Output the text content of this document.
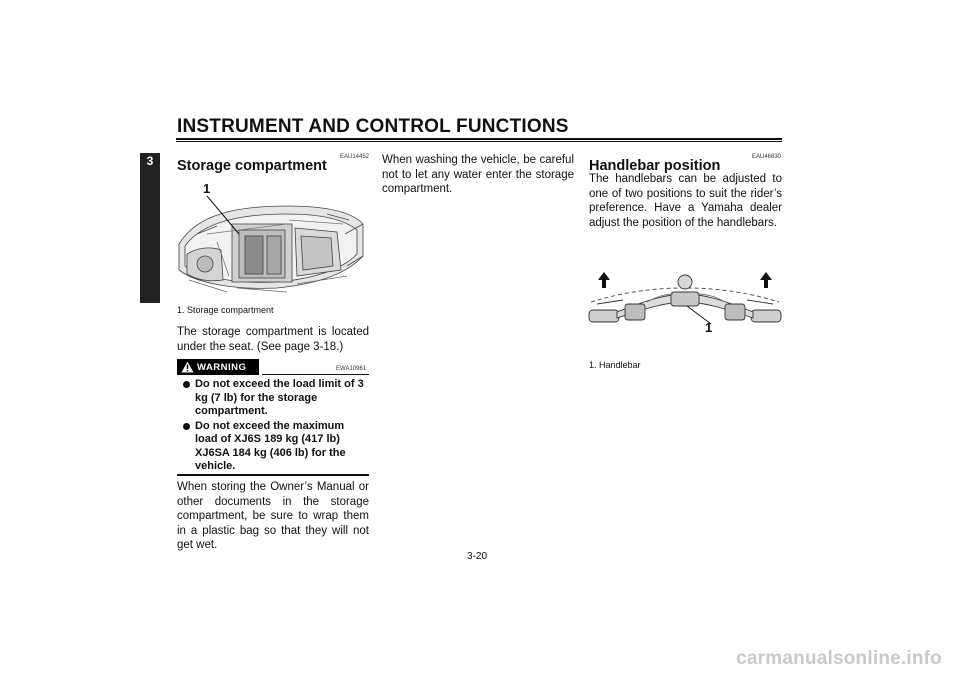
INSTRUMENT AND CONTROL FUNCTIONS
3	EAU14452
Storage compartment
1
1. Storage compartment
The storage compartment is located under the seat. (See page 3-18.)
WARNING	EWA10961
Do not exceed the load limit of 3 kg (7 lb) for the storage compartment.
Do not exceed the maximum load of XJ6S 189 kg (417 lb) XJ6SA 184 kg (406 lb) for the vehicle.
When storing the Owner’s Manual or other documents in the storage compartment, be sure to wrap them in a plastic bag so that they will not get wet.
When washing the vehicle, be careful not to let any water enter the storage compartment.
EAU46830
Handlebar position
The handlebars can be adjusted to one of two positions to suit the rider’s preference. Have a Yamaha dealer adjust the position of the handlebars.
1
1. Handlebar
3-20
carmanualsonline.info
